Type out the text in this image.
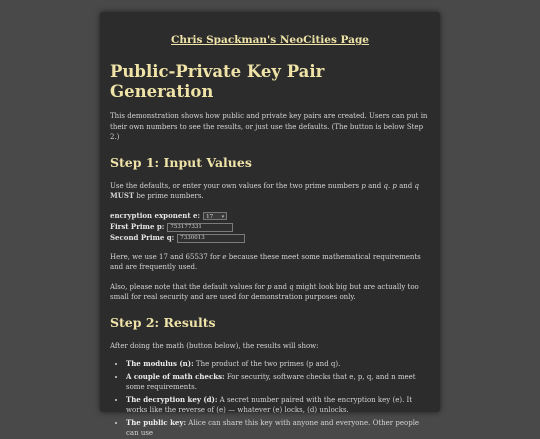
Chris Spackman's NeoCities Page
Public-Private Key Pair Generation

This demonstration shows how public and private key pairs are created. Users can put in their own numbers to see the results, or just use the defaults. (The button is below Step 2.)

Step 1: Input Values

Use the defaults, or enter your own values for the two prime numbers p and q. p and q MUST be prime numbers.

encryption exponent e:	17 ▾
First Prime p:	753177331
Second Prime q:	7330013

Here, we use 17 and 65537 for e because these meet some mathematical requirements and are frequently used.

Also, please note that the default values for p and q might look big but are actually too small for real security and are used for demonstration purposes only.

Step 2: Results

After doing the math (button below), the results will show:

• The modulus (n): The product of the two primes (p and q).
• A couple of math checks: For security, software checks that e, p, q, and n meet some requirements.
• The decryption key (d): A secret number paired with the encryption key (e). It works like the reverse of (e) — whatever (e) locks, (d) unlocks.
• The public key: Alice can share this key with anyone and everyone. Other people can use
